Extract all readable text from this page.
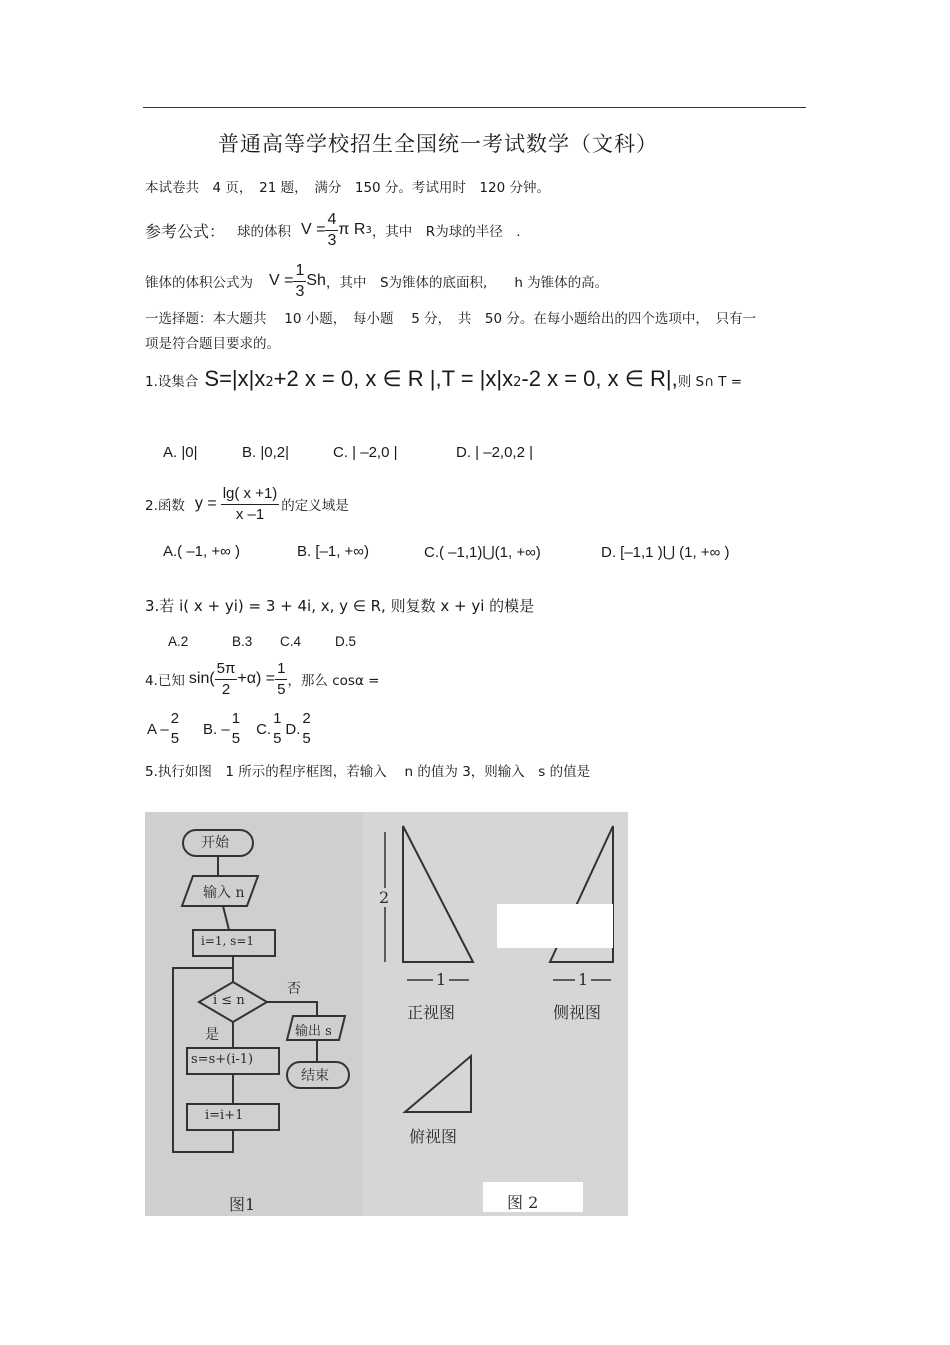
普通高等学校招生全国统一考试数学（文科）
本试卷共　4 页，　21 题，　满分　150 分。考试用时　120 分钟。
参考公式： 球的体积 $V = \frac{4}{3}$ π R 3 ，其中　R为球的半径　.
锥体的体积公式为 $V = \frac{1}{3}$ Sh ，其中　S为锥体的底面积,　　h 为锥体的高。
一选择题：本大题共　 10 小题，　每小题　 5 分，　共　50 分。在每小题给出的四个选项中，　只有一
项是符合题目要求的。
1.设集合 $S=|x|x_2 +2$ x = 0, x ∈ R $|,T = |x|x_2$ -2 x = 0, x ∈ R|, 则 S∩ T =
A. |0|	B. |0,2|	C. | –2,0 |	D. | –2,0,2 |
2.函数 $y = \frac{\lg( x +1)}{x -1}$ 的定义域是
A.( –1, +∞ )	B. [–1, +∞)	C.( –1,1)⋃(1, +∞)	D. [–1,1 )⋃ (1, +∞ )
3.若 i( x + yi) = 3 + 4i, x, y ∈ R, 则复数 x + yi 的模是
A.2	B.3 C.4	D.5
4.已知 $\sin( \frac{5\pi}{2} +\alpha) = \frac{1}{5}$ ，那么 cosα =
A –
2
5
B. –
1
5
C.
1
5
D.
2
5
5.执行如图　1 所示的程序框图，若输入　 n 的值为 3，则输入　s 的值是
开始
输入 n
i=1, s=1
i ≤ n
否
是	输出 s
s=s+(i-1)
结束
i=i+1
图1
2
1	1
正视图	侧视图
俯视图
图 2
